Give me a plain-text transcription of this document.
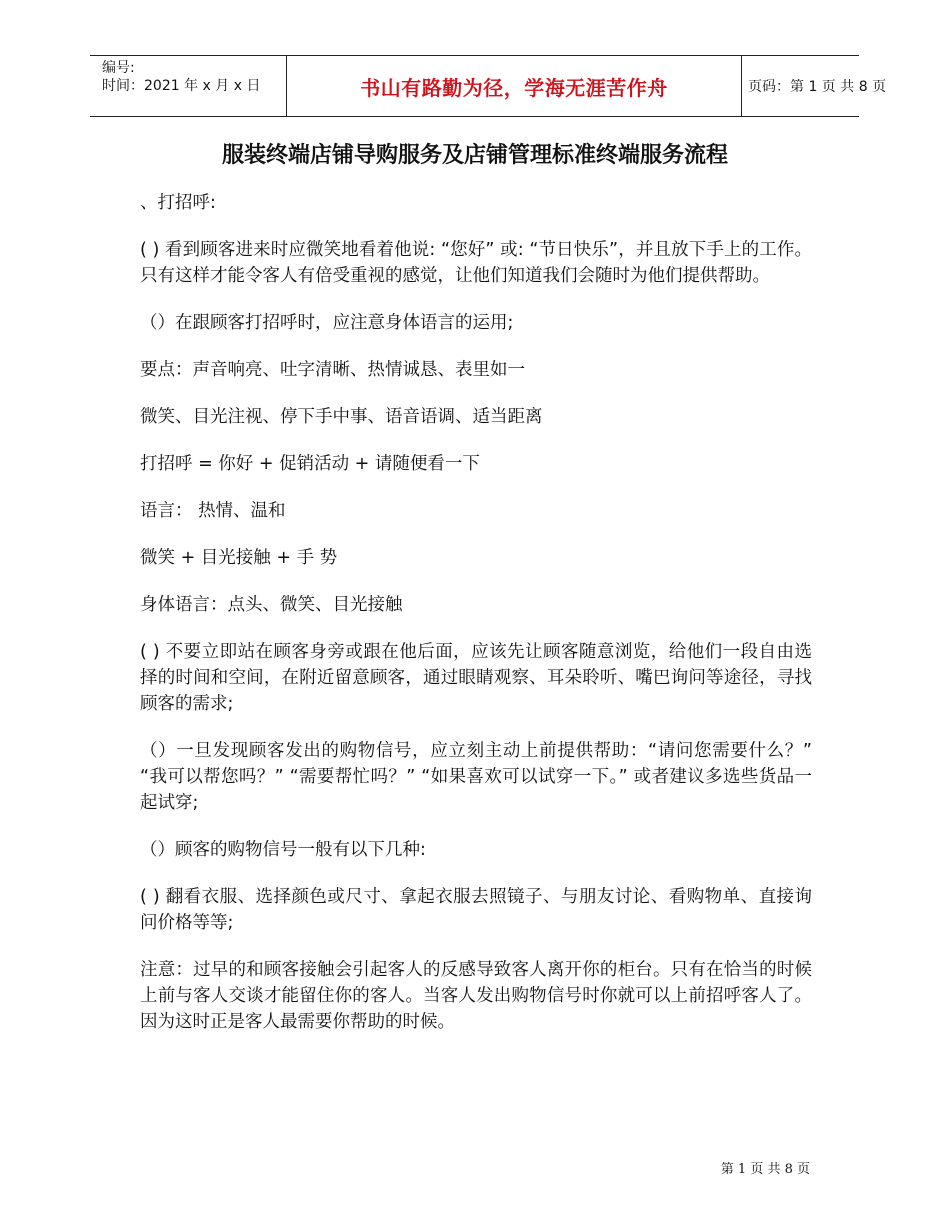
编号:
时间：2021 年 x 月 x 日	书山有路勤为径，学海无涯苦作舟	页码：第 1 页 共 8 页
服装终端店铺导购服务及店铺管理标准终端服务流程

、打招呼:

( ) 看到顾客进来时应微笑地看着他说: “您好” 或: “节日快乐”，并且放下手上的工作。只有这样才能令客人有倍受重视的感觉，让他们知道我们会随时为他们提供帮助。

（）在跟顾客打招呼时，应注意身体语言的运用;

要点：声音响亮、吐字清晰、热情诚恳、表里如一

微笑、目光注视、停下手中事、语音语调、适当距离

打招呼 = 你好 + 促销活动 + 请随便看一下

语言： 热情、温和

微笑 + 目光接触 + 手 势

身体语言：点头、微笑、目光接触

( ) 不要立即站在顾客身旁或跟在他后面，应该先让顾客随意浏览，给他们一段自由选择的时间和空间，在附近留意顾客，通过眼睛观察、耳朵聆听、嘴巴询问等途径，寻找顾客的需求;

（）一旦发现顾客发出的购物信号，应立刻主动上前提供帮助：“请问您需要什么？” “我可以帮您吗？” “需要帮忙吗？” “如果喜欢可以试穿一下。” 或者建议多选些货品一起试穿;

（）顾客的购物信号一般有以下几种:

( ) 翻看衣服、选择颜色或尺寸、拿起衣服去照镜子、与朋友讨论、看购物单、直接询问价格等等;

注意：过早的和顾客接触会引起客人的反感导致客人离开你的柜台。只有在恰当的时候上前与客人交谈才能留住你的客人。当客人发出购物信号时你就可以上前招呼客人了。因为这时正是客人最需要你帮助的时候。

第 1 页 共 8 页
